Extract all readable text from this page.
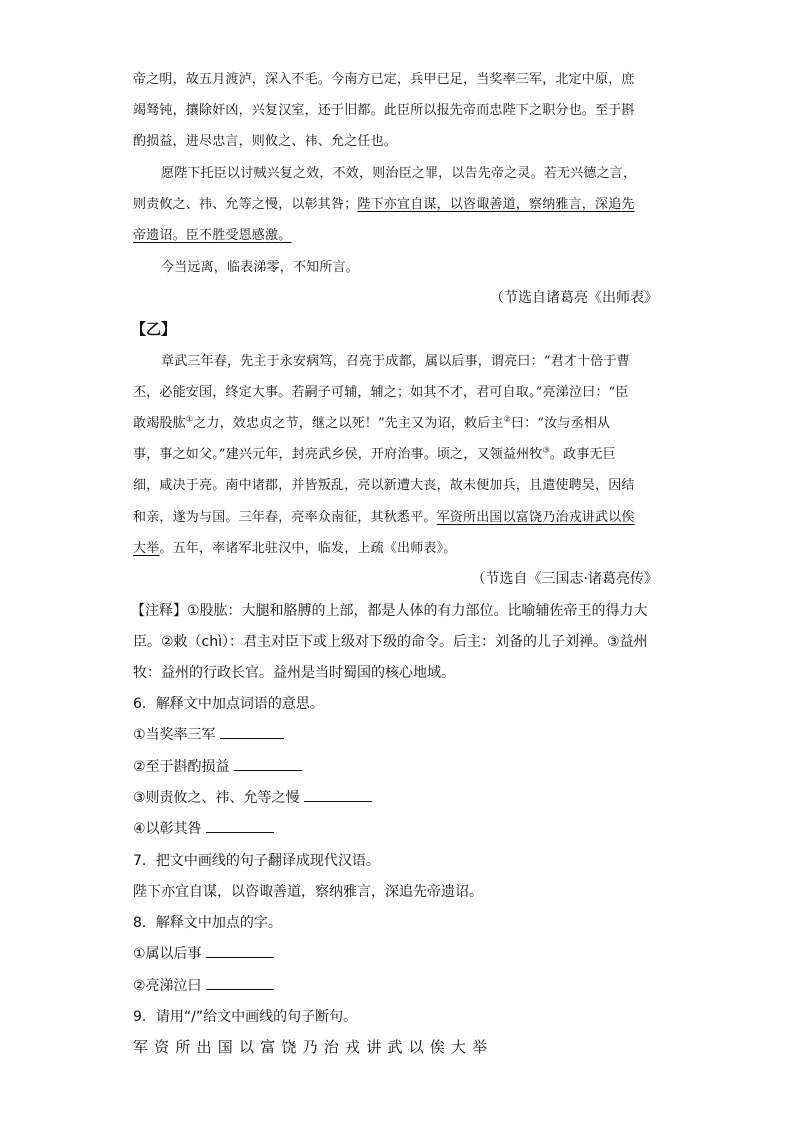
帝之明，故五月渡泸，深入不毛。今南方已定，兵甲已足，当奖率三军，北定中原，庶
竭驽钝，攘除奸凶，兴复汉室，还于旧都。此臣所以报先帝而忠陛下之职分也。至于斟
酌损益，进尽忠言，则攸之、祎、允之任也。
愿陛下托臣以讨贼兴复之效，不效，则治臣之罪，以告先帝之灵。若无兴德之言，
则责攸之、祎、允等之慢，以彰其咎；陛下亦宜自谋，以咨诹善道，察纳雅言，深追先
帝遗诏。臣不胜受恩感激。
今当远离，临表涕零，不知所言。
（节选自诸葛亮《出师表》
【乙】
章武三年春，先主于永安病笃，召亮于成都，属以后事，谓亮曰：“君才十倍于曹
丕，必能安国，终定大事。若嗣子可辅，辅之；如其不才，君可自取。”亮涕泣曰：“臣
敢竭股肱①之力，效忠贞之节，继之以死！”先主又为诏，敕后主②曰：“汝与丞相从
事，事之如父。”建兴元年，封亮武乡侯，开府治事。顷之，又领益州牧③。政事无巨
细，咸决于亮。南中诸郡，并皆叛乱，亮以新遭大丧，故未便加兵，且遣使聘吴，因结
和亲，遂为与国。三年春，亮率众南征，其秋悉平。军资所出国以富饶乃治戎讲武以俟
大举。五年，率诸军北驻汉中，临发，上疏《出师表》。
（节选自《三国志·诸葛亮传》
【注释】①股肱：大腿和胳膊的上部，都是人体的有力部位。比喻辅佐帝王的得力大
臣。②敕（chì）：君主对臣下或上级对下级的命令。后主：刘备的儿子刘禅。③益州
牧：益州的行政长官。益州是当时蜀国的核心地域。
6．解释文中加点词语的意思。
①当奖率三军
②至于斟酌损益
③则责攸之、祎、允等之慢
④以彰其咎
7．把文中画线的句子翻译成现代汉语。
陛下亦宜自谋，以咨诹善道，察纳雅言，深追先帝遗诏。
8．解释文中加点的字。
①属以后事
②亮涕泣曰
9．请用“/”给文中画线的句子断句。
军资所出国以富饶乃治戎讲武以俟大举
